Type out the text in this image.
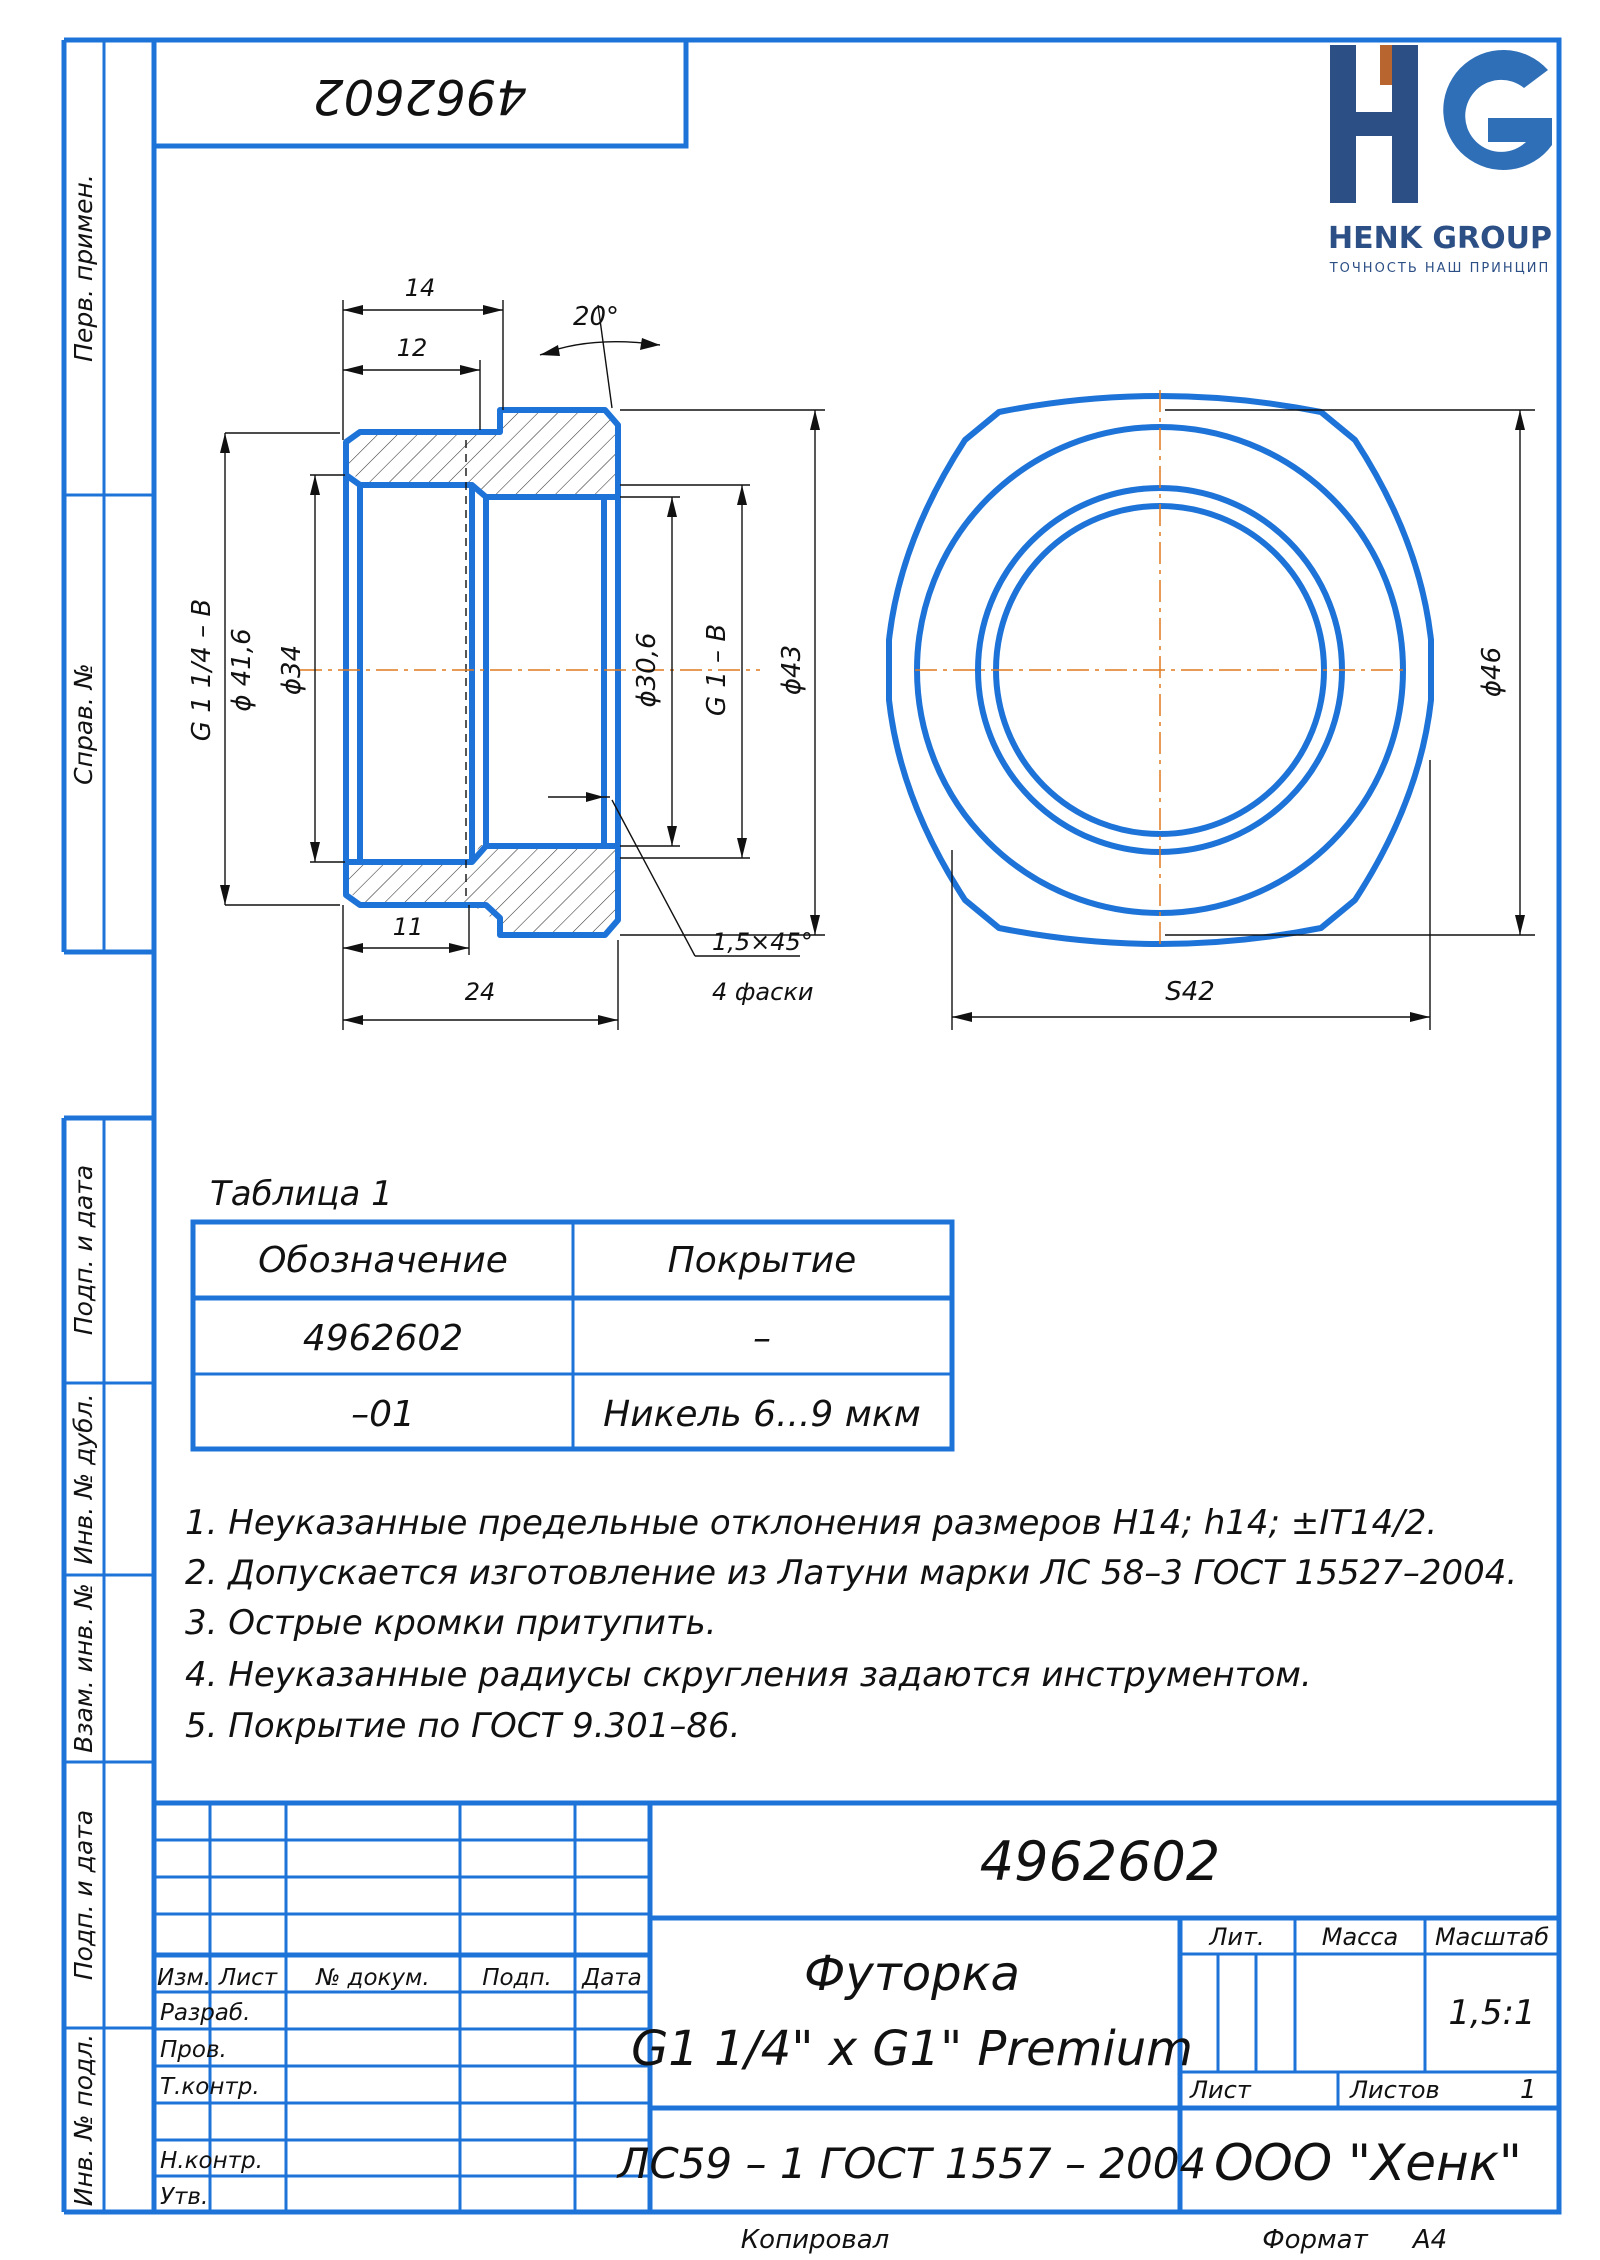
Перв. примен.
Справ. №
Подп. и дата
Инв. № дубл.
Взам. инв. №
Подп. и дата
Инв. № подл.
4962602
HENK GROUP
ТОЧНОСТЬ НАШ ПРИНЦИП
14
12
20°
G 1 1/4 – B ϕ 41,6 ϕ34	ϕ30,6 G 1 – B ϕ43
1,5×45°
4 фаски
11
24
ϕ46
S42
Таблица 1
Обозначение	Покрытие
4962602	–
–01	Никель 6...9 мкм
1. Неуказанные предельные отклонения размеров H14; h14; ±IT14/2.
2. Допускается изготовление из Латуни марки ЛС 58–3 ГОСТ 15527–2004.
3. Острые кромки притупить.
4. Неуказанные радиусы скругления задаются инструментом.
5. Покрытие по ГОСТ 9.301–86.
Изм. Лист № докум. Подп. Дата
Разраб.
Пров.
Т.контр.
Н.контр.
Утв.
4962602
Футорка
G1 1/4" x G1" Premium
Лит. Масса Масштаб
1,5:1
Лист	Листов	1
ЛС59 – 1 ГОСТ 1557 – 2004 ООО "Хенк"
Копировал	Формат А4
